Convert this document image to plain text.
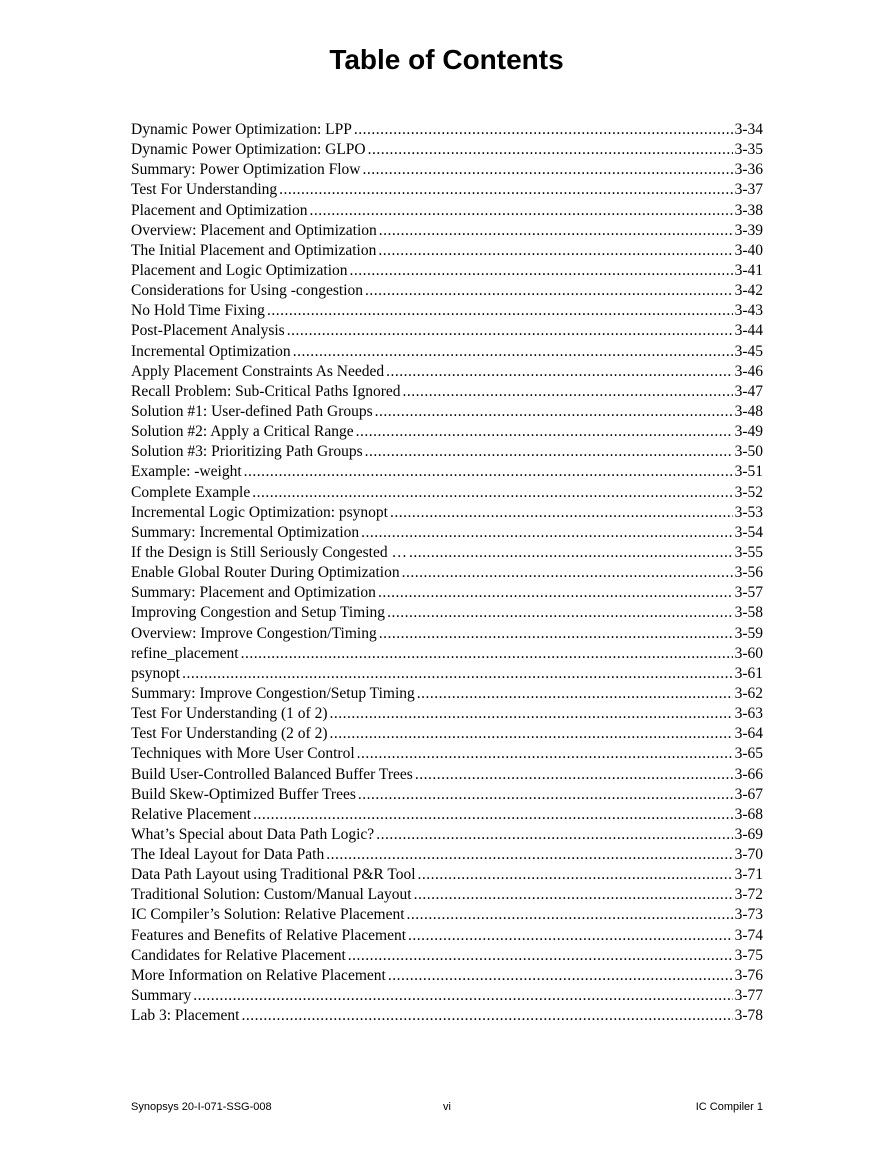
Table of Contents
Dynamic Power Optimization: LPP .....	3-34
Dynamic Power Optimization: GLPO .....	3-35
Summary: Power Optimization Flow .....	3-36
Test For Understanding .....	3-37
Placement and Optimization .....	3-38
Overview: Placement and Optimization .....	3-39
The Initial Placement and Optimization .....	3-40
Placement and Logic Optimization .....	3-41
Considerations for Using -congestion .....	3-42
No Hold Time Fixing .....	3-43
Post-Placement Analysis .....	3-44
Incremental Optimization .....	3-45
Apply Placement Constraints As Needed .....	3-46
Recall Problem: Sub-Critical Paths Ignored .....	3-47
Solution #1: User-defined Path Groups .....	3-48
Solution #2: Apply a Critical Range .....	3-49
Solution #3: Prioritizing Path Groups .....	3-50
Example: -weight .....	3-51
Complete Example .....	3-52
Incremental Logic Optimization: psynopt .....	3-53
Summary: Incremental Optimization .....	3-54
If the Design is Still Seriously Congested … .....	3-55
Enable Global Router During Optimization .....	3-56
Summary: Placement and Optimization .....	3-57
Improving Congestion and Setup Timing .....	3-58
Overview: Improve Congestion/Timing .....	3-59
refine_placement .....	3-60
psynopt .....	3-61
Summary: Improve Congestion/Setup Timing .....	3-62
Test For Understanding (1 of 2) .....	3-63
Test For Understanding (2 of 2) .....	3-64
Techniques with More User Control .....	3-65
Build User-Controlled Balanced Buffer Trees .....	3-66
Build Skew-Optimized Buffer Trees .....	3-67
Relative Placement .....	3-68
What’s Special about Data Path Logic? .....	3-69
The Ideal Layout for Data Path .....	3-70
Data Path Layout using Traditional P&R Tool .....	3-71
Traditional Solution: Custom/Manual Layout .....	3-72
IC Compiler’s Solution: Relative Placement .....	3-73
Features and Benefits of Relative Placement .....	3-74
Candidates for Relative Placement .....	3-75
More Information on Relative Placement .....	3-76
Summary .....	3-77
Lab 3: Placement .....	3-78
Synopsys 20-I-071-SSG-008	vi	IC Compiler 1
